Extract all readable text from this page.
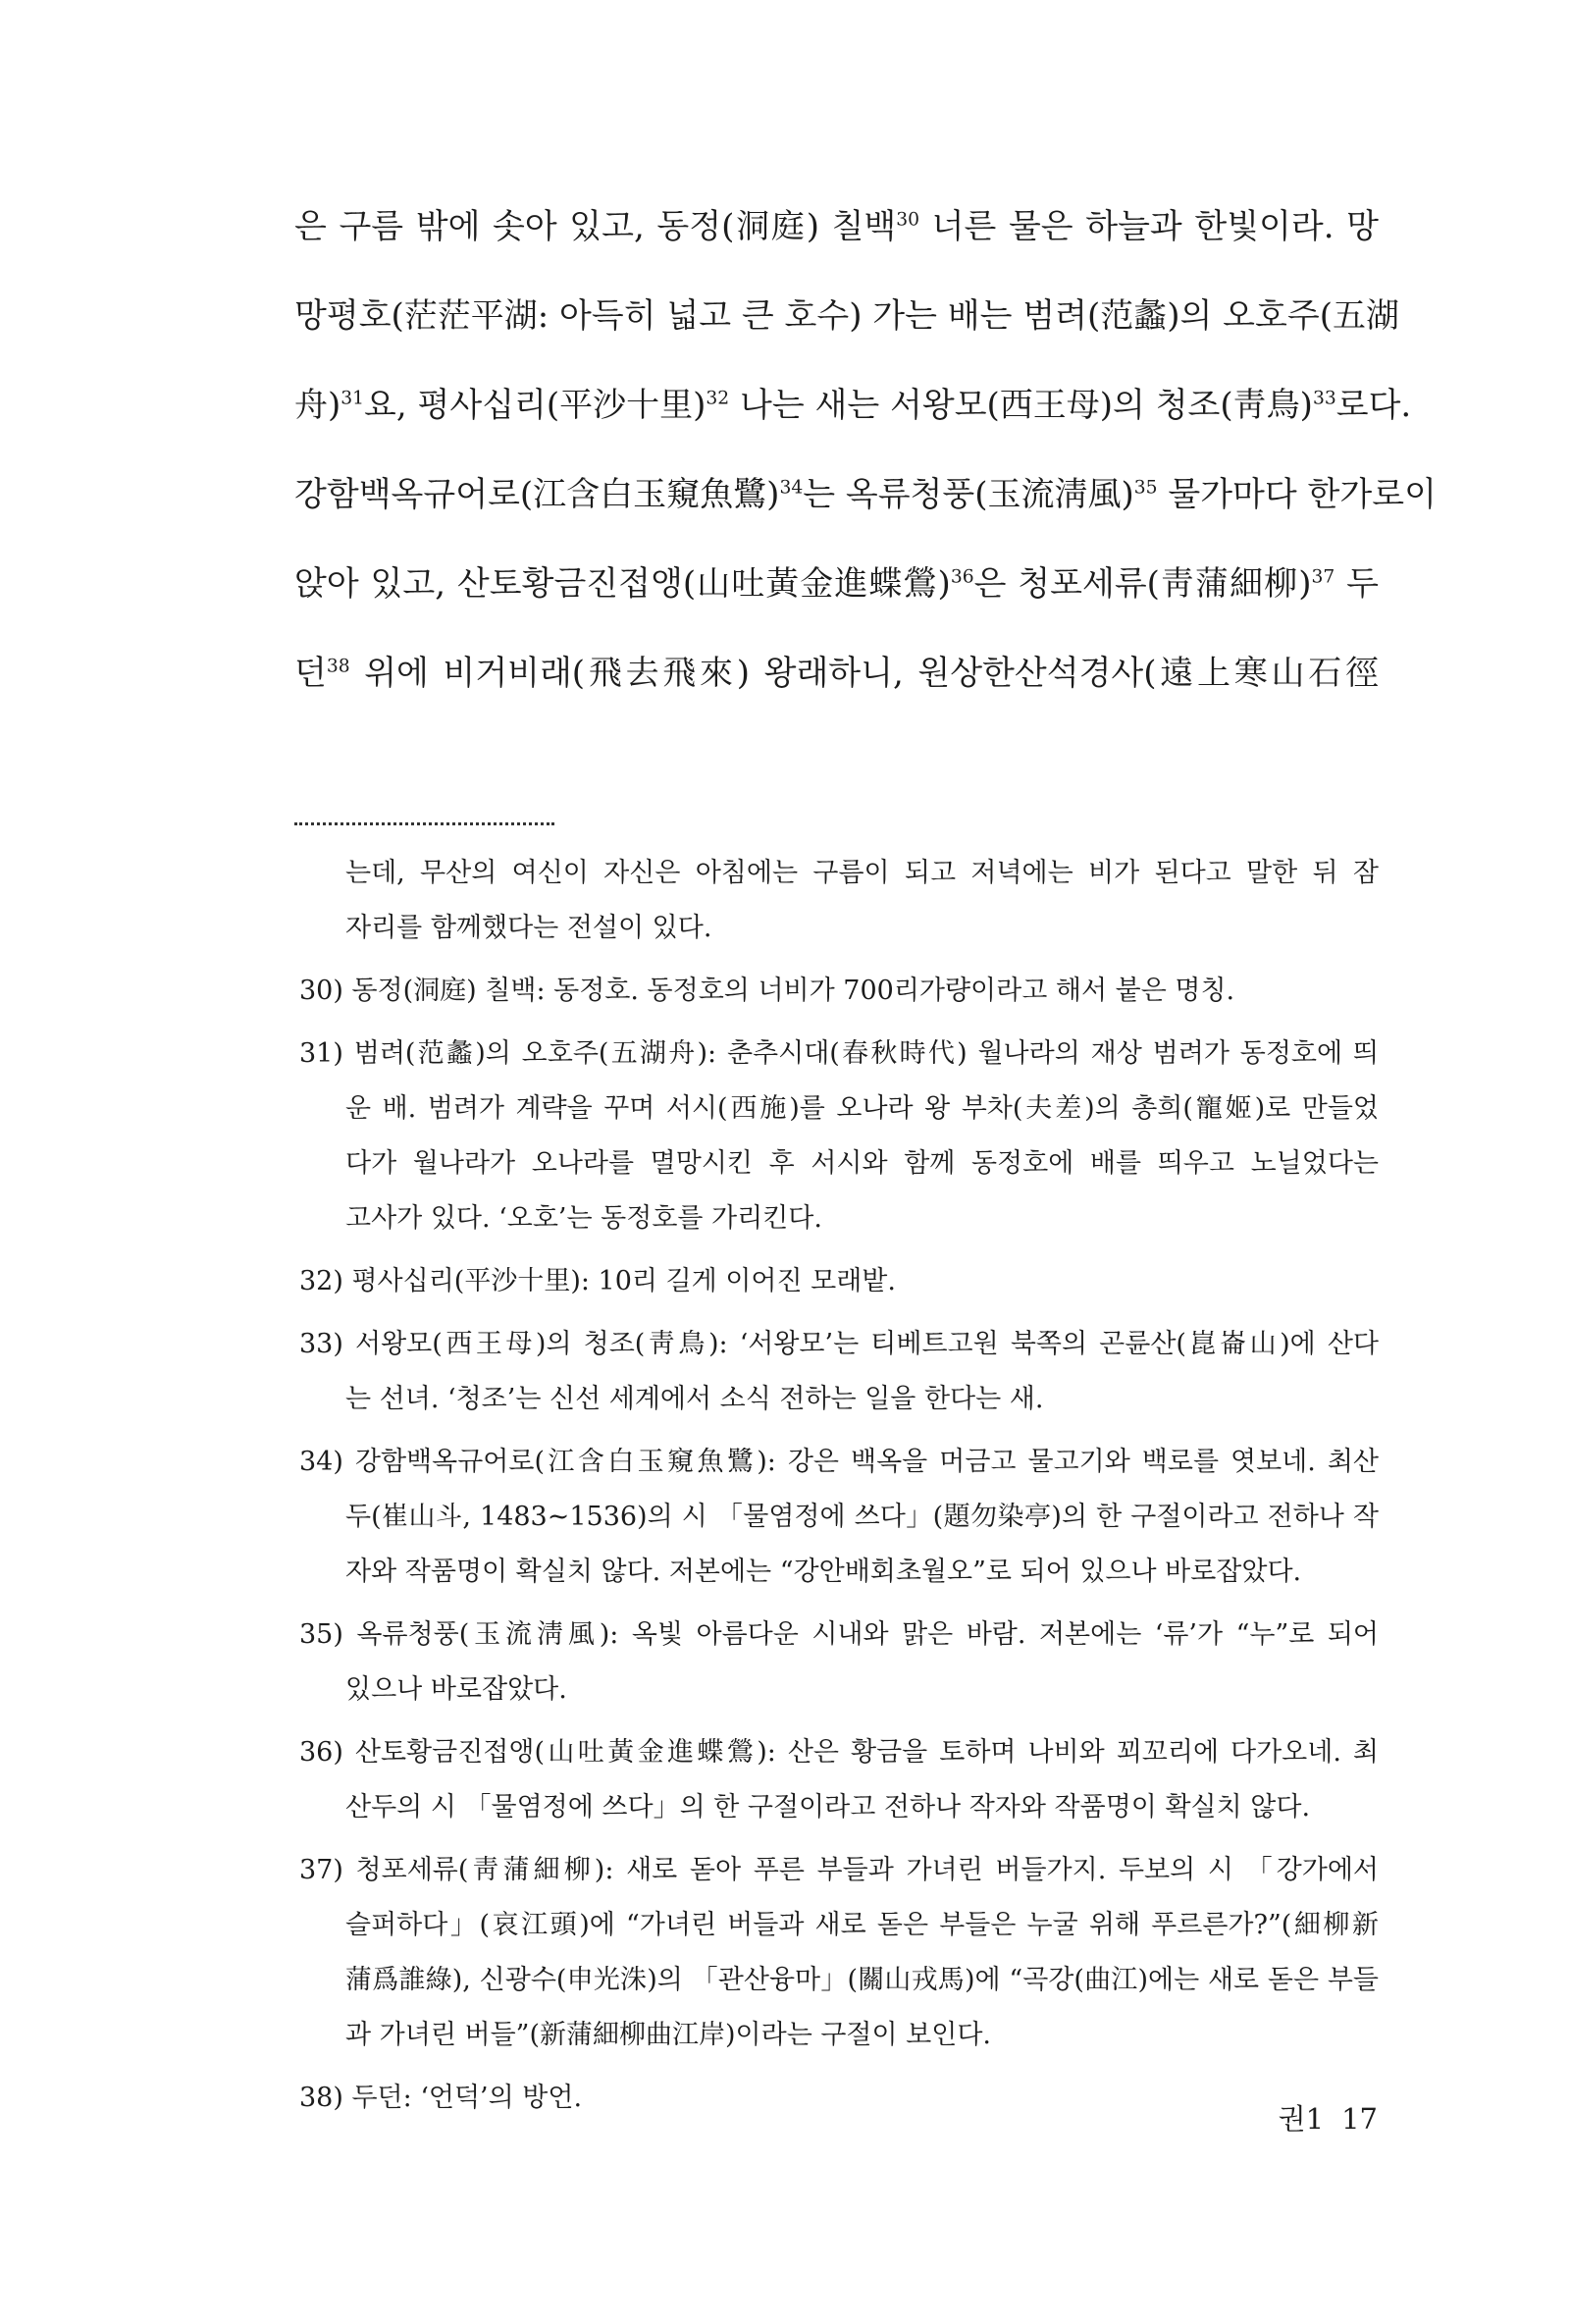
은 구름 밖에 솟아 있고, 동정(洞庭) 칠백$^{30}$ 너른 물은 하늘과 한빛이라. 망
망평호(茫茫平湖: 아득히 넓고 큰 호수) 가는 배는 범려(范蠡)의 오호주(五湖
舟)$^{31}$요, 평사십리(平沙十里)$^{32}$ 나는 새는 서왕모(西王母)의 청조(靑鳥)$^{33}$로다.
강함백옥규어로(江含白玉窺魚鷺)$^{34}$는 옥류청풍(玉流淸風)$^{35}$ 물가마다 한가로이
앉아 있고, 산토황금진접앵(山吐黃金進蝶鶯)$^{36}$은 청포세류(靑蒲細柳)$^{37}$ 두
던$^{38}$ 위에 비거비래(飛去飛來) 왕래하니, 원상한산석경사(遠上寒山石徑
는데, 무산의 여신이 자신은 아침에는 구름이 되고 저녁에는 비가 된다고 말한 뒤 잠
자리를 함께했다는 전설이 있다.
30) 동정(洞庭) 칠백: 동정호. 동정호의 너비가 700리가량이라고 해서 붙은 명칭.
31) 범려(范蠡)의 오호주(五湖舟): 춘추시대(春秋時代) 월나라의 재상 범려가 동정호에 띄
운 배. 범려가 계략을 꾸며 서시(西施)를 오나라 왕 부차(夫差)의 총희(寵姬)로 만들었
다가 월나라가 오나라를 멸망시킨 후 서시와 함께 동정호에 배를 띄우고 노닐었다는
고사가 있다. ‘오호’는 동정호를 가리킨다.
32) 평사십리(平沙十里): 10리 길게 이어진 모래밭.
33) 서왕모(西王母)의 청조(靑鳥): ‘서왕모’는 티베트고원 북쪽의 곤륜산(崑崙山)에 산다
는 선녀. ‘청조’는 신선 세계에서 소식 전하는 일을 한다는 새.
34) 강함백옥규어로(江含白玉窺魚鷺): 강은 백옥을 머금고 물고기와 백로를 엿보네. 최산
두(崔山斗, 1483~1536)의 시 「물염정에 쓰다」(題勿染亭)의 한 구절이라고 전하나 작
자와 작품명이 확실치 않다. 저본에는 “강안배회초월오”로 되어 있으나 바로잡았다.
35) 옥류청풍(玉流淸風): 옥빛 아름다운 시내와 맑은 바람. 저본에는 ‘류’가 “누”로 되어
있으나 바로잡았다.
36) 산토황금진접앵(山吐黃金進蝶鶯): 산은 황금을 토하며 나비와 꾀꼬리에 다가오네. 최
산두의 시 「물염정에 쓰다」의 한 구절이라고 전하나 작자와 작품명이 확실치 않다.
37) 청포세류(靑蒲細柳): 새로 돋아 푸른 부들과 가녀린 버들가지. 두보의 시 「강가에서
슬퍼하다」(哀江頭)에 “가녀린 버들과 새로 돋은 부들은 누굴 위해 푸르른가?”(細柳新
蒲爲誰綠), 신광수(申光洙)의 「관산융마」(關山戎馬)에 “곡강(曲江)에는 새로 돋은 부들
과 가녀린 버들”(新蒲細柳曲江岸)이라는 구절이 보인다.
38) 두던: ‘언덕’의 방언.
권1 17
